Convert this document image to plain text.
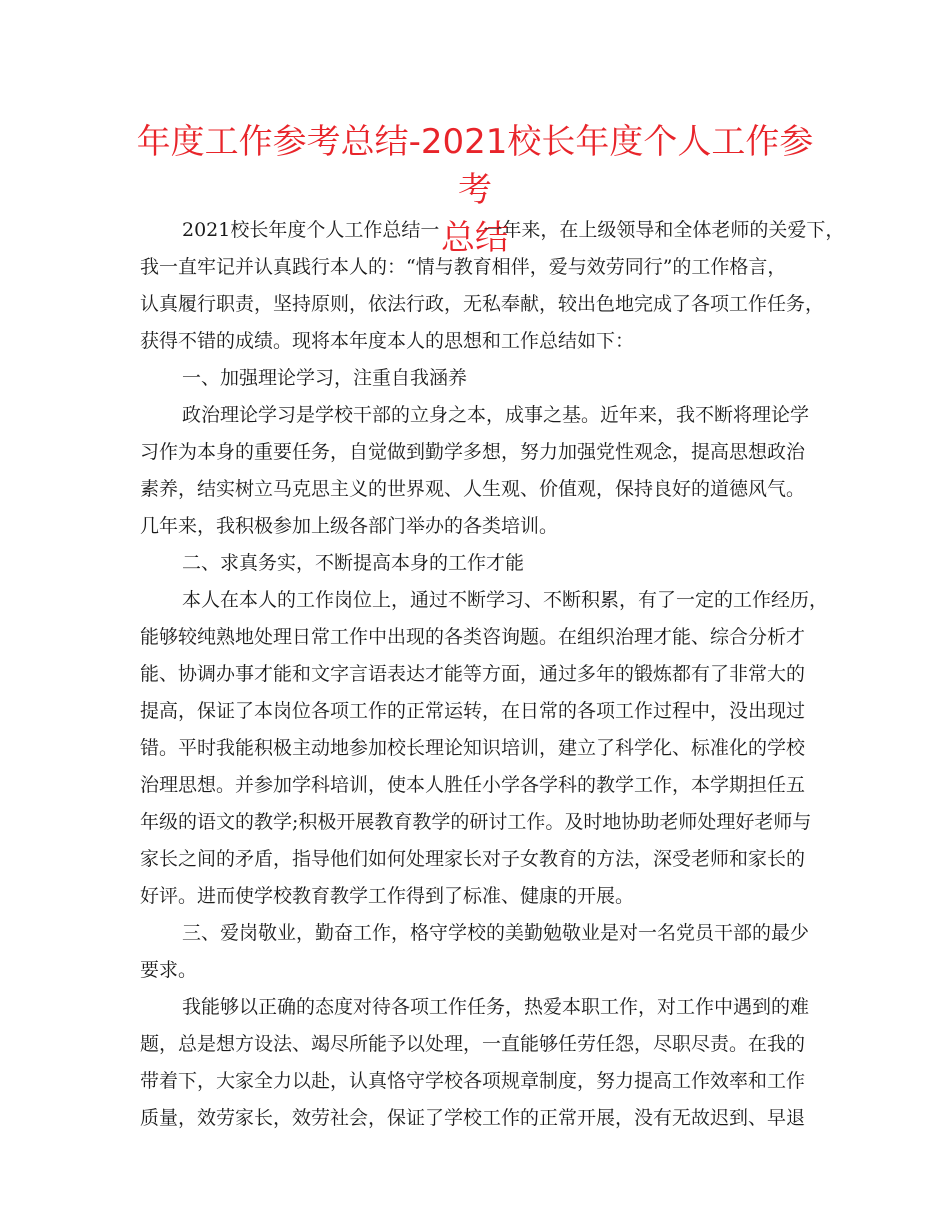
年度工作参考总结-2021校长年度个人工作参考
总结
2021校长年度个人工作总结一 一年来，在上级领导和全体老师的关爱下，
我一直牢记并认真践行本人的：“情与教育相伴，爱与效劳同行”的工作格言，
认真履行职责，坚持原则，依法行政，无私奉献，较出色地完成了各项工作任务，
获得不错的成绩。现将本年度本人的思想和工作总结如下：
一、加强理论学习，注重自我涵养
政治理论学习是学校干部的立身之本，成事之基。近年来，我不断将理论学
习作为本身的重要任务，自觉做到勤学多想，努力加强党性观念，提高思想政治
素养，结实树立马克思主义的世界观、人生观、价值观，保持良好的道德风气。
几年来，我积极参加上级各部门举办的各类培训。
二、求真务实，不断提高本身的工作才能
本人在本人的工作岗位上，通过不断学习、不断积累，有了一定的工作经历，
能够较纯熟地处理日常工作中出现的各类咨询题。在组织治理才能、综合分析才
能、协调办事才能和文字言语表达才能等方面，通过多年的锻炼都有了非常大的
提高，保证了本岗位各项工作的正常运转，在日常的各项工作过程中，没出现过
错。平时我能积极主动地参加校长理论知识培训，建立了科学化、标准化的学校
治理思想。并参加学科培训，使本人胜任小学各学科的教学工作，本学期担任五
年级的语文的教学;积极开展教育教学的研讨工作。及时地协助老师处理好老师与
家长之间的矛盾，指导他们如何处理家长对子女教育的方法，深受老师和家长的
好评。进而使学校教育教学工作得到了标准、健康的开展。
三、爱岗敬业，勤奋工作，格守学校的美勤勉敬业是对一名党员干部的最少
要求。
我能够以正确的态度对待各项工作任务，热爱本职工作，对工作中遇到的难
题，总是想方设法、竭尽所能予以处理，一直能够任劳任怨，尽职尽责。在我的
带着下，大家全力以赴，认真恪守学校各项规章制度，努力提高工作效率和工作
质量，效劳家长，效劳社会，保证了学校工作的正常开展，没有无故迟到、早退
